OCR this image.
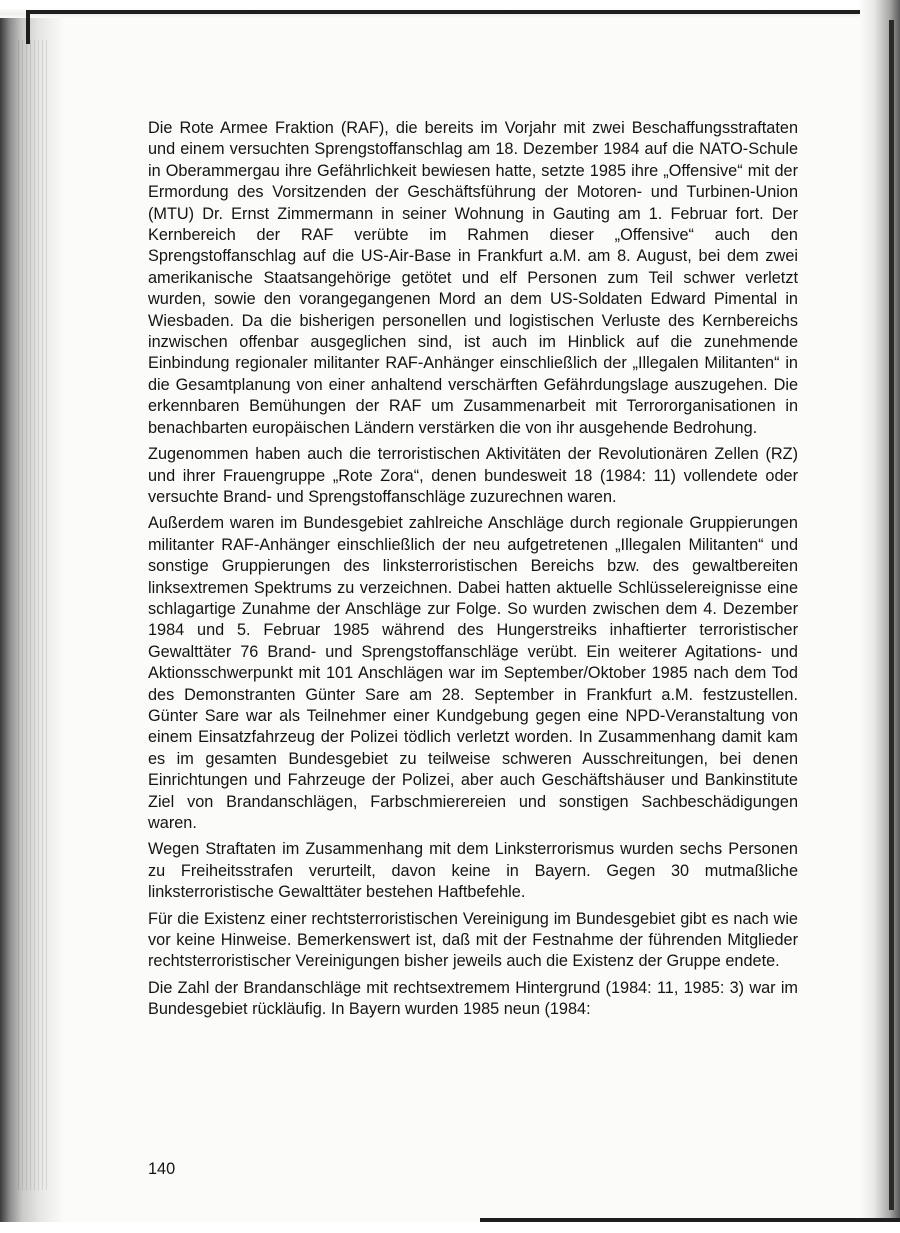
Die Rote Armee Fraktion (RAF), die bereits im Vorjahr mit zwei Beschaffungsstraftaten und einem versuchten Sprengstoffanschlag am 18. Dezember 1984 auf die NATO-Schule in Oberammergau ihre Gefährlichkeit bewiesen hatte, setzte 1985 ihre „Offensive“ mit der Ermordung des Vorsitzenden der Geschäftsführung der Motoren- und Turbinen-Union (MTU) Dr. Ernst Zimmermann in seiner Wohnung in Gauting am 1. Februar fort. Der Kernbereich der RAF verübte im Rahmen dieser „Offensive“ auch den Sprengstoffanschlag auf die US-Air-Base in Frankfurt a.M. am 8. August, bei dem zwei amerikanische Staatsangehörige getötet und elf Personen zum Teil schwer verletzt wurden, sowie den vorangegangenen Mord an dem US-Soldaten Edward Pimental in Wiesbaden. Da die bisherigen personellen und logistischen Verluste des Kernbereichs inzwischen offenbar ausgeglichen sind, ist auch im Hinblick auf die zunehmende Einbindung regionaler militanter RAF-Anhänger einschließlich der „Illegalen Militanten“ in die Gesamtplanung von einer anhaltend verschärften Gefährdungslage auszugehen. Die erkennbaren Bemühungen der RAF um Zusammenarbeit mit Terrororganisationen in benachbarten europäischen Ländern verstärken die von ihr ausgehende Bedrohung.

Zugenommen haben auch die terroristischen Aktivitäten der Revolutionären Zellen (RZ) und ihrer Frauengruppe „Rote Zora“, denen bundesweit 18 (1984: 11) vollendete oder versuchte Brand- und Sprengstoffanschläge zuzurechnen waren.

Außerdem waren im Bundesgebiet zahlreiche Anschläge durch regionale Gruppierungen militanter RAF-Anhänger einschließlich der neu aufgetretenen „Illegalen Militanten“ und sonstige Gruppierungen des linksterroristischen Bereichs bzw. des gewaltbereiten linksextremen Spektrums zu verzeichnen. Dabei hatten aktuelle Schlüsselereignisse eine schlagartige Zunahme der Anschläge zur Folge. So wurden zwischen dem 4. Dezember 1984 und 5. Februar 1985 während des Hungerstreiks inhaftierter terroristischer Gewalttäter 76 Brand- und Sprengstoffanschläge verübt. Ein weiterer Agitations- und Aktionsschwerpunkt mit 101 Anschlägen war im September/Oktober 1985 nach dem Tod des Demonstranten Günter Sare am 28. September in Frankfurt a.M. festzustellen. Günter Sare war als Teilnehmer einer Kundgebung gegen eine NPD-Veranstaltung von einem Einsatzfahrzeug der Polizei tödlich verletzt worden. In Zusammenhang damit kam es im gesamten Bundesgebiet zu teilweise schweren Ausschreitungen, bei denen Einrichtungen und Fahrzeuge der Polizei, aber auch Geschäftshäuser und Bankinstitute Ziel von Brandanschlägen, Farbschmierereien und sonstigen Sachbeschädigungen waren.

Wegen Straftaten im Zusammenhang mit dem Linksterrorismus wurden sechs Personen zu Freiheitsstrafen verurteilt, davon keine in Bayern. Gegen 30 mutmaßliche linksterroristische Gewalttäter bestehen Haftbefehle.

Für die Existenz einer rechtsterroristischen Vereinigung im Bundesgebiet gibt es nach wie vor keine Hinweise. Bemerkenswert ist, daß mit der Festnahme der führenden Mitglieder rechtsterroristischer Vereinigungen bisher jeweils auch die Existenz der Gruppe endete.

Die Zahl der Brandanschläge mit rechtsextremem Hintergrund (1984: 11, 1985: 3) war im Bundesgebiet rückläufig. In Bayern wurden 1985 neun (1984:

140
